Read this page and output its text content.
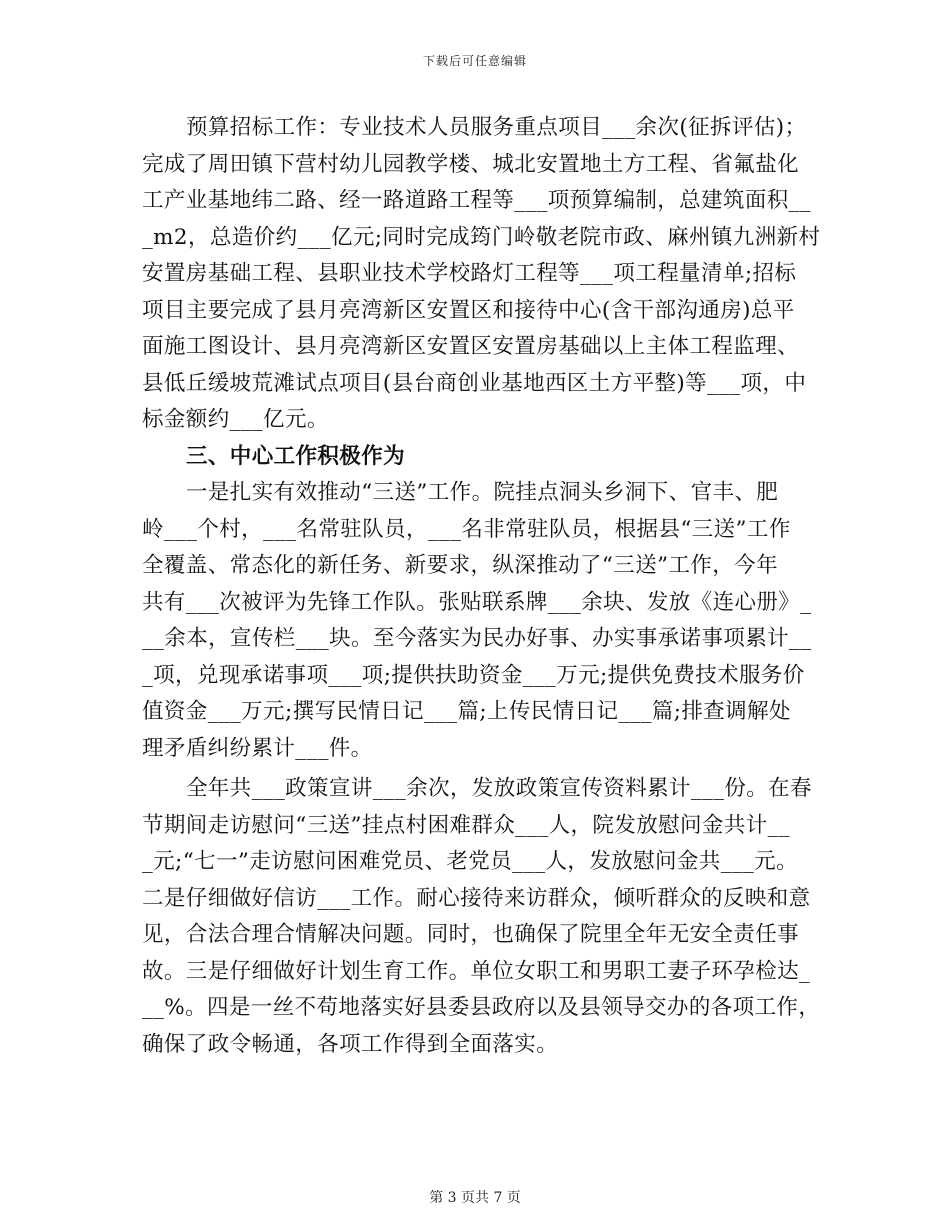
下载后可任意编辑
预算招标工作：专业技术人员服务重点项目___余次(征拆评估)；
完成了周田镇下营村幼儿园教学楼、城北安置地土方工程、省氟盐化
工产业基地纬二路、经一路道路工程等___项预算编制，总建筑面积__
_m2，总造价约___亿元;同时完成筠门岭敬老院市政、麻州镇九洲新村
安置房基础工程、县职业技术学校路灯工程等___项工程量清单;招标
项目主要完成了县月亮湾新区安置区和接待中心(含干部沟通房)总平
面施工图设计、县月亮湾新区安置区安置房基础以上主体工程监理、
县低丘缓坡荒滩试点项目(县台商创业基地西区土方平整)等___项，中
标金额约___亿元。
三、中心工作积极作为
一是扎实有效推动“三送”工作。院挂点洞头乡洞下、官丰、肥
岭___个村，___名常驻队员，___名非常驻队员，根据县“三送”工作
全覆盖、常态化的新任务、新要求，纵深推动了“三送”工作，今年
共有___次被评为先锋工作队。张贴联系牌___余块、发放《连心册》_
__余本，宣传栏___块。至今落实为民办好事、办实事承诺事项累计__
_项，兑现承诺事项___项;提供扶助资金___万元;提供免费技术服务价
值资金___万元;撰写民情日记___篇;上传民情日记___篇;排查调解处
理矛盾纠纷累计___件。
全年共___政策宣讲___余次，发放政策宣传资料累计___份。在春
节期间走访慰问“三送”挂点村困难群众___人，院发放慰问金共计__
_元;“七一”走访慰问困难党员、老党员___人，发放慰问金共___元。
二是仔细做好信访___工作。耐心接待来访群众，倾听群众的反映和意
见，合法合理合情解决问题。同时，也确保了院里全年无安全责任事
故。三是仔细做好计划生育工作。单位女职工和男职工妻子环孕检达_
__%。四是一丝不苟地落实好县委县政府以及县领导交办的各项工作，
确保了政令畅通，各项工作得到全面落实。
第 3 页共 7 页
